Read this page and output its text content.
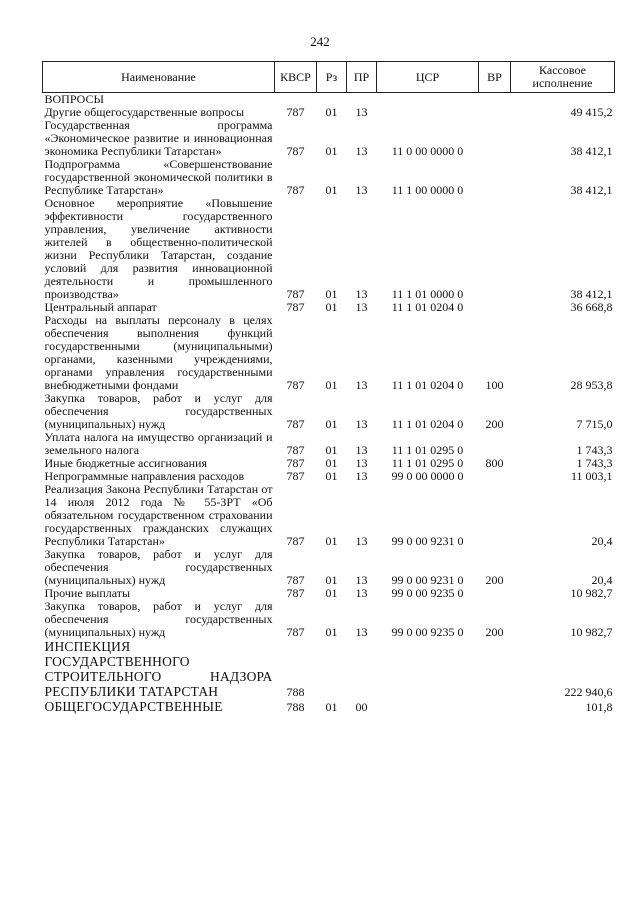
242
Наименование	КВСР	Рз	ПР	ЦСР	ВР	Кассовое исполнение
ВОПРОСЫ						
Другие общегосударственные вопросы	787	01	13			49 415,2
Государственная программа «Экономическое развитие и инновационная экономика Республики Татарстан»	787	01	13	11 0 00 0000 0		38 412,1
Подпрограмма «Совершенствование государственной экономической политики в Республике Татарстан»	787	01	13	11 1 00 0000 0		38 412,1
Основное мероприятие «Повышение эффективности государственного управления, увеличение активности жителей в общественно-политической жизни Республики Татарстан, создание условий для развития инновационной деятельности и промышленного производства»	787	01	13	11 1 01 0000 0		38 412,1
Центральный аппарат	787	01	13	11 1 01 0204 0		36 668,8
Расходы на выплаты персоналу в целях обеспечения выполнения функций государственными (муниципальными) органами, казенными учреждениями, органами управления государственными внебюджетными фондами	787	01	13	11 1 01 0204 0	100	28 953,8
Закупка товаров, работ и услуг для обеспечения государственных (муниципальных) нужд	787	01	13	11 1 01 0204 0	200	7 715,0
Уплата налога на имущество организаций и земельного налога	787	01	13	11 1 01 0295 0		1 743,3
Иные бюджетные ассигнования	787	01	13	11 1 01 0295 0	800	1 743,3
Непрограммные направления расходов	787	01	13	99 0 00 0000 0		11 003,1
Реализация Закона Республики Татарстан от 14 июля 2012 года № 55-ЗРТ «Об обязательном государственном страховании государственных гражданских служащих Республики Татарстан»	787	01	13	99 0 00 9231 0		20,4
Закупка товаров, работ и услуг для обеспечения государственных (муниципальных) нужд	787	01	13	99 0 00 9231 0	200	20,4
Прочие выплаты	787	01	13	99 0 00 9235 0		10 982,7
Закупка товаров, работ и услуг для обеспечения государственных (муниципальных) нужд	787	01	13	99 0 00 9235 0	200	10 982,7
ИНСПЕКЦИЯ ГОСУДАРСТВЕННОГО СТРОИТЕЛЬНОГО НАДЗОРА РЕСПУБЛИКИ ТАТАРСТАН	788					222 940,6
ОБЩЕГОСУДАРСТВЕННЫЕ	788	01	00			101,8
